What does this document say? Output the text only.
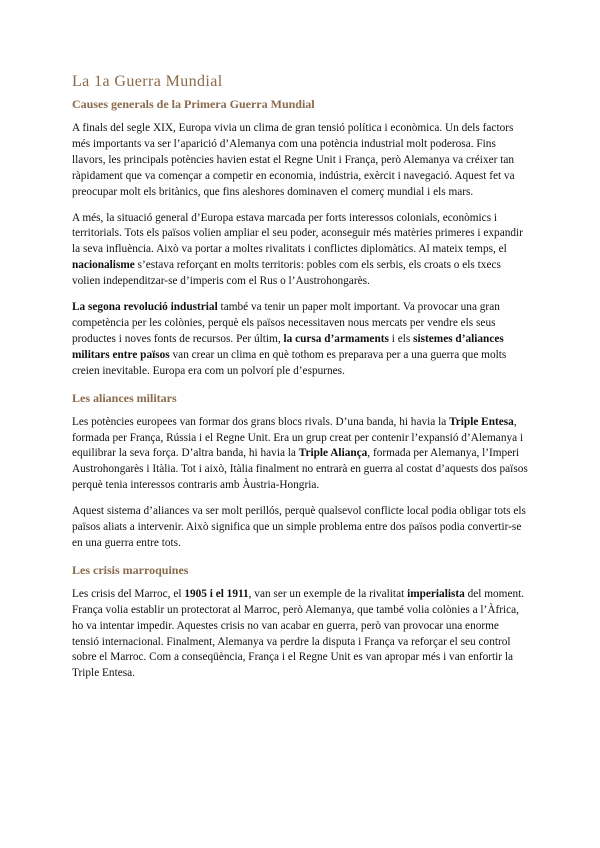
La 1a Guerra Mundial
Causes generals de la Primera Guerra Mundial

A finals del segle XIX, Europa vivia un clima de gran tensió política i econòmica. Un dels factors més importants va ser l’aparició d’Alemanya com una potència industrial molt poderosa. Fins llavors, les principals potències havien estat el Regne Unit i França, però Alemanya va créixer tan ràpidament que va començar a competir en economia, indústria, exèrcit i navegació. Aquest fet va preocupar molt els britànics, que fins aleshores dominaven el comerç mundial i els mars.

A més, la situació general d’Europa estava marcada per forts interessos colonials, econòmics i territorials. Tots els països volien ampliar el seu poder, aconseguir més matèries primeres i expandir la seva influència. Això va portar a moltes rivalitats i conflictes diplomàtics. Al mateix temps, el nacionalisme s’estava reforçant en molts territoris: pobles com els serbis, els croats o els txecs volien independitzar-se d’imperis com el Rus o l’Austrohongarès.

La segona revolució industrial també va tenir un paper molt important. Va provocar una gran competència per les colònies, perquè els països necessitaven nous mercats per vendre els seus productes i noves fonts de recursos. Per últim, la cursa d’armaments i els sistemes d’aliances militars entre països van crear un clima en què tothom es preparava per a una guerra que molts creien inevitable. Europa era com un polvorí ple d’espurnes.

Les aliances militars

Les potències europees van formar dos grans blocs rivals. D’una banda, hi havia la Triple Entesa, formada per França, Rússia i el Regne Unit. Era un grup creat per contenir l’expansió d’Alemanya i equilibrar la seva força. D’altra banda, hi havia la Triple Aliança, formada per Alemanya, l’Imperi Austrohongarès i Itàlia. Tot i això, Itàlia finalment no entrarà en guerra al costat d’aquests dos països perquè tenia interessos contraris amb Àustria-Hongria.

Aquest sistema d’aliances va ser molt perillós, perquè qualsevol conflicte local podia obligar tots els països aliats a intervenir. Això significa que un simple problema entre dos països podia convertir-se en una guerra entre tots.

Les crisis marroquines

Les crisis del Marroc, el 1905 i el 1911, van ser un exemple de la rivalitat imperialista del moment. França volia establir un protectorat al Marroc, però Alemanya, que també volia colònies a l’Àfrica, ho va intentar impedir. Aquestes crisis no van acabar en guerra, però van provocar una enorme tensió internacional. Finalment, Alemanya va perdre la disputa i França va reforçar el seu control sobre el Marroc. Com a conseqüència, França i el Regne Unit es van apropar més i van enfortir la Triple Entesa.
